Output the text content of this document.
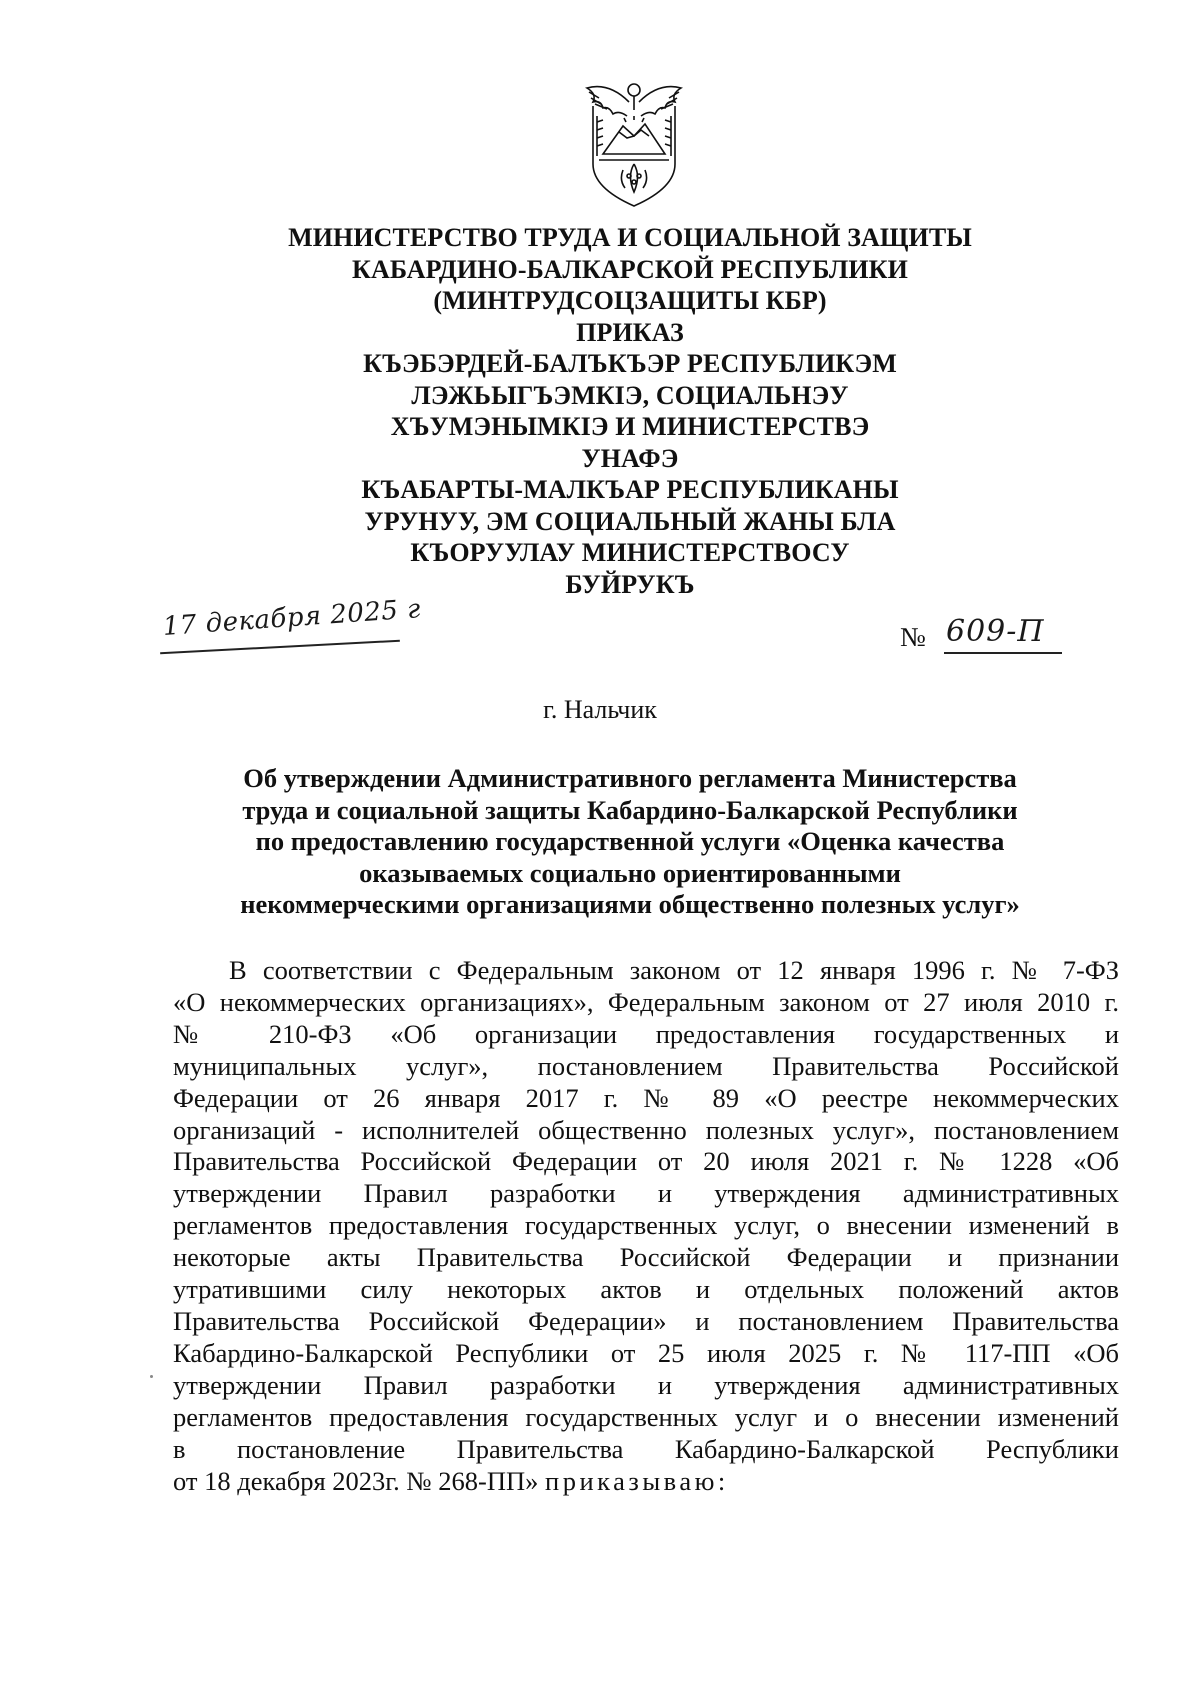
МИНИСТЕРСТВО ТРУДА И СОЦИАЛЬНОЙ ЗАЩИТЫ
КАБАРДИНО-БАЛКАРСКОЙ РЕСПУБЛИКИ
(МИНТРУДСОЦЗАЩИТЫ КБР)
ПРИКАЗ
КЪЭБЭРДЕЙ-БАЛЪКЪЭР РЕСПУБЛИКЭМ
ЛЭЖЬЫГЪЭМКIЭ, СОЦИАЛЬНЭУ
ХЪУМЭНЫМКIЭ И МИНИСТЕРСТВЭ
УНАФЭ
КЪАБАРТЫ-МАЛКЪАР РЕСПУБЛИКАНЫ
УРУНУУ, ЭМ СОЦИАЛЬНЫЙ ЖАНЫ БЛА
КЪОРУУЛАУ МИНИСТЕРСТВОСУ
БУЙРУКЪ
17 декабря 2025 г	№ 609-П
г. Нальчик
Об утверждении Административного регламента Министерства
труда и социальной защиты Кабардино-Балкарской Республики
по предоставлению государственной услуги «Оценка качества
оказываемых социально ориентированными
некоммерческими организациями общественно полезных услуг»
В соответствии с Федеральным законом от 12 января 1996 г. № 7-ФЗ
«О некоммерческих организациях», Федеральным законом от 27 июля 2010 г.
№ 210-ФЗ «Об организации предоставления государственных и
муниципальных услуг», постановлением Правительства Российской
Федерации от 26 января 2017 г. № 89 «О реестре некоммерческих
организаций - исполнителей общественно полезных услуг», постановлением
Правительства Российской Федерации от 20 июля 2021 г. № 1228 «Об
утверждении Правил разработки и утверждения административных
регламентов предоставления государственных услуг, о внесении изменений в
некоторые акты Правительства Российской Федерации и признании
утратившими силу некоторых актов и отдельных положений актов
Правительства Российской Федерации» и постановлением Правительства
Кабардино-Балкарской Республики от 25 июля 2025 г. № 117-ПП «Об
утверждении Правил разработки и утверждения административных
регламентов предоставления государственных услуг и о внесении изменений
в постановление Правительства Кабардино-Балкарской Республики
от 18 декабря 2023г. № 268-ПП» приказываю:
